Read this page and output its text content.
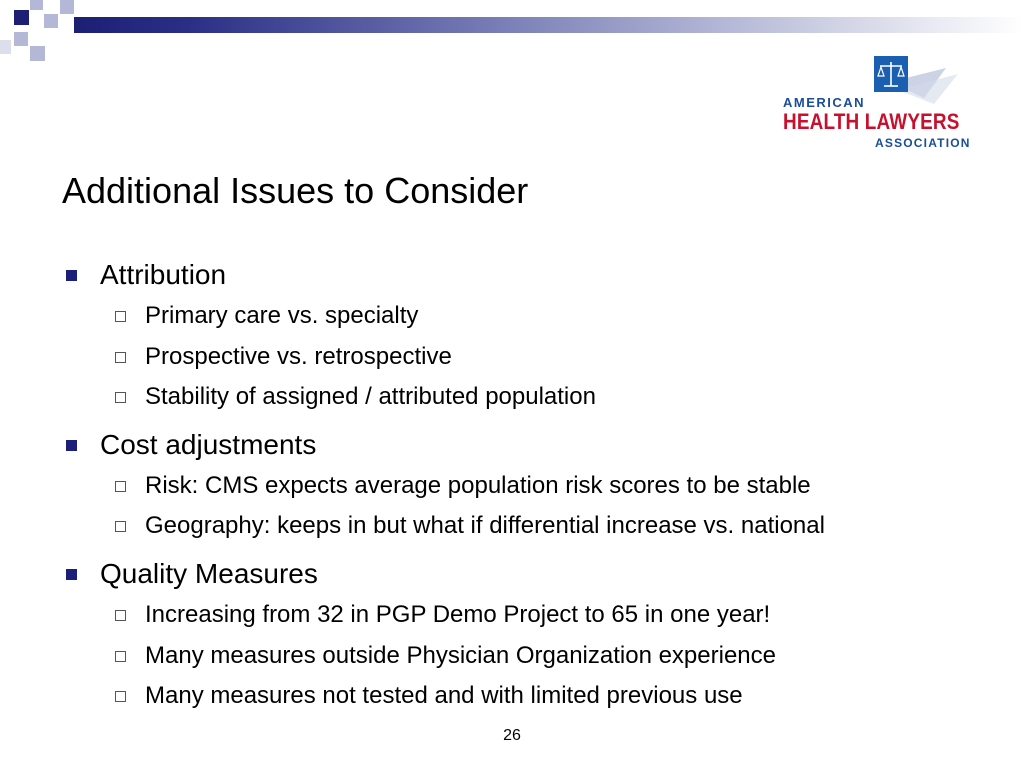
AMERICAN
HEALTH LAWYERS
ASSOCIATION
Additional Issues to Consider
Attribution
Primary care vs. specialty
Prospective vs. retrospective
Stability of assigned / attributed population
Cost adjustments
Risk: CMS expects average population risk scores to be stable
Geography: keeps in but what if differential increase vs. national
Quality Measures
Increasing from 32 in PGP Demo Project to 65 in one year!
Many measures outside Physician Organization experience
Many measures not tested and with limited previous use
26
